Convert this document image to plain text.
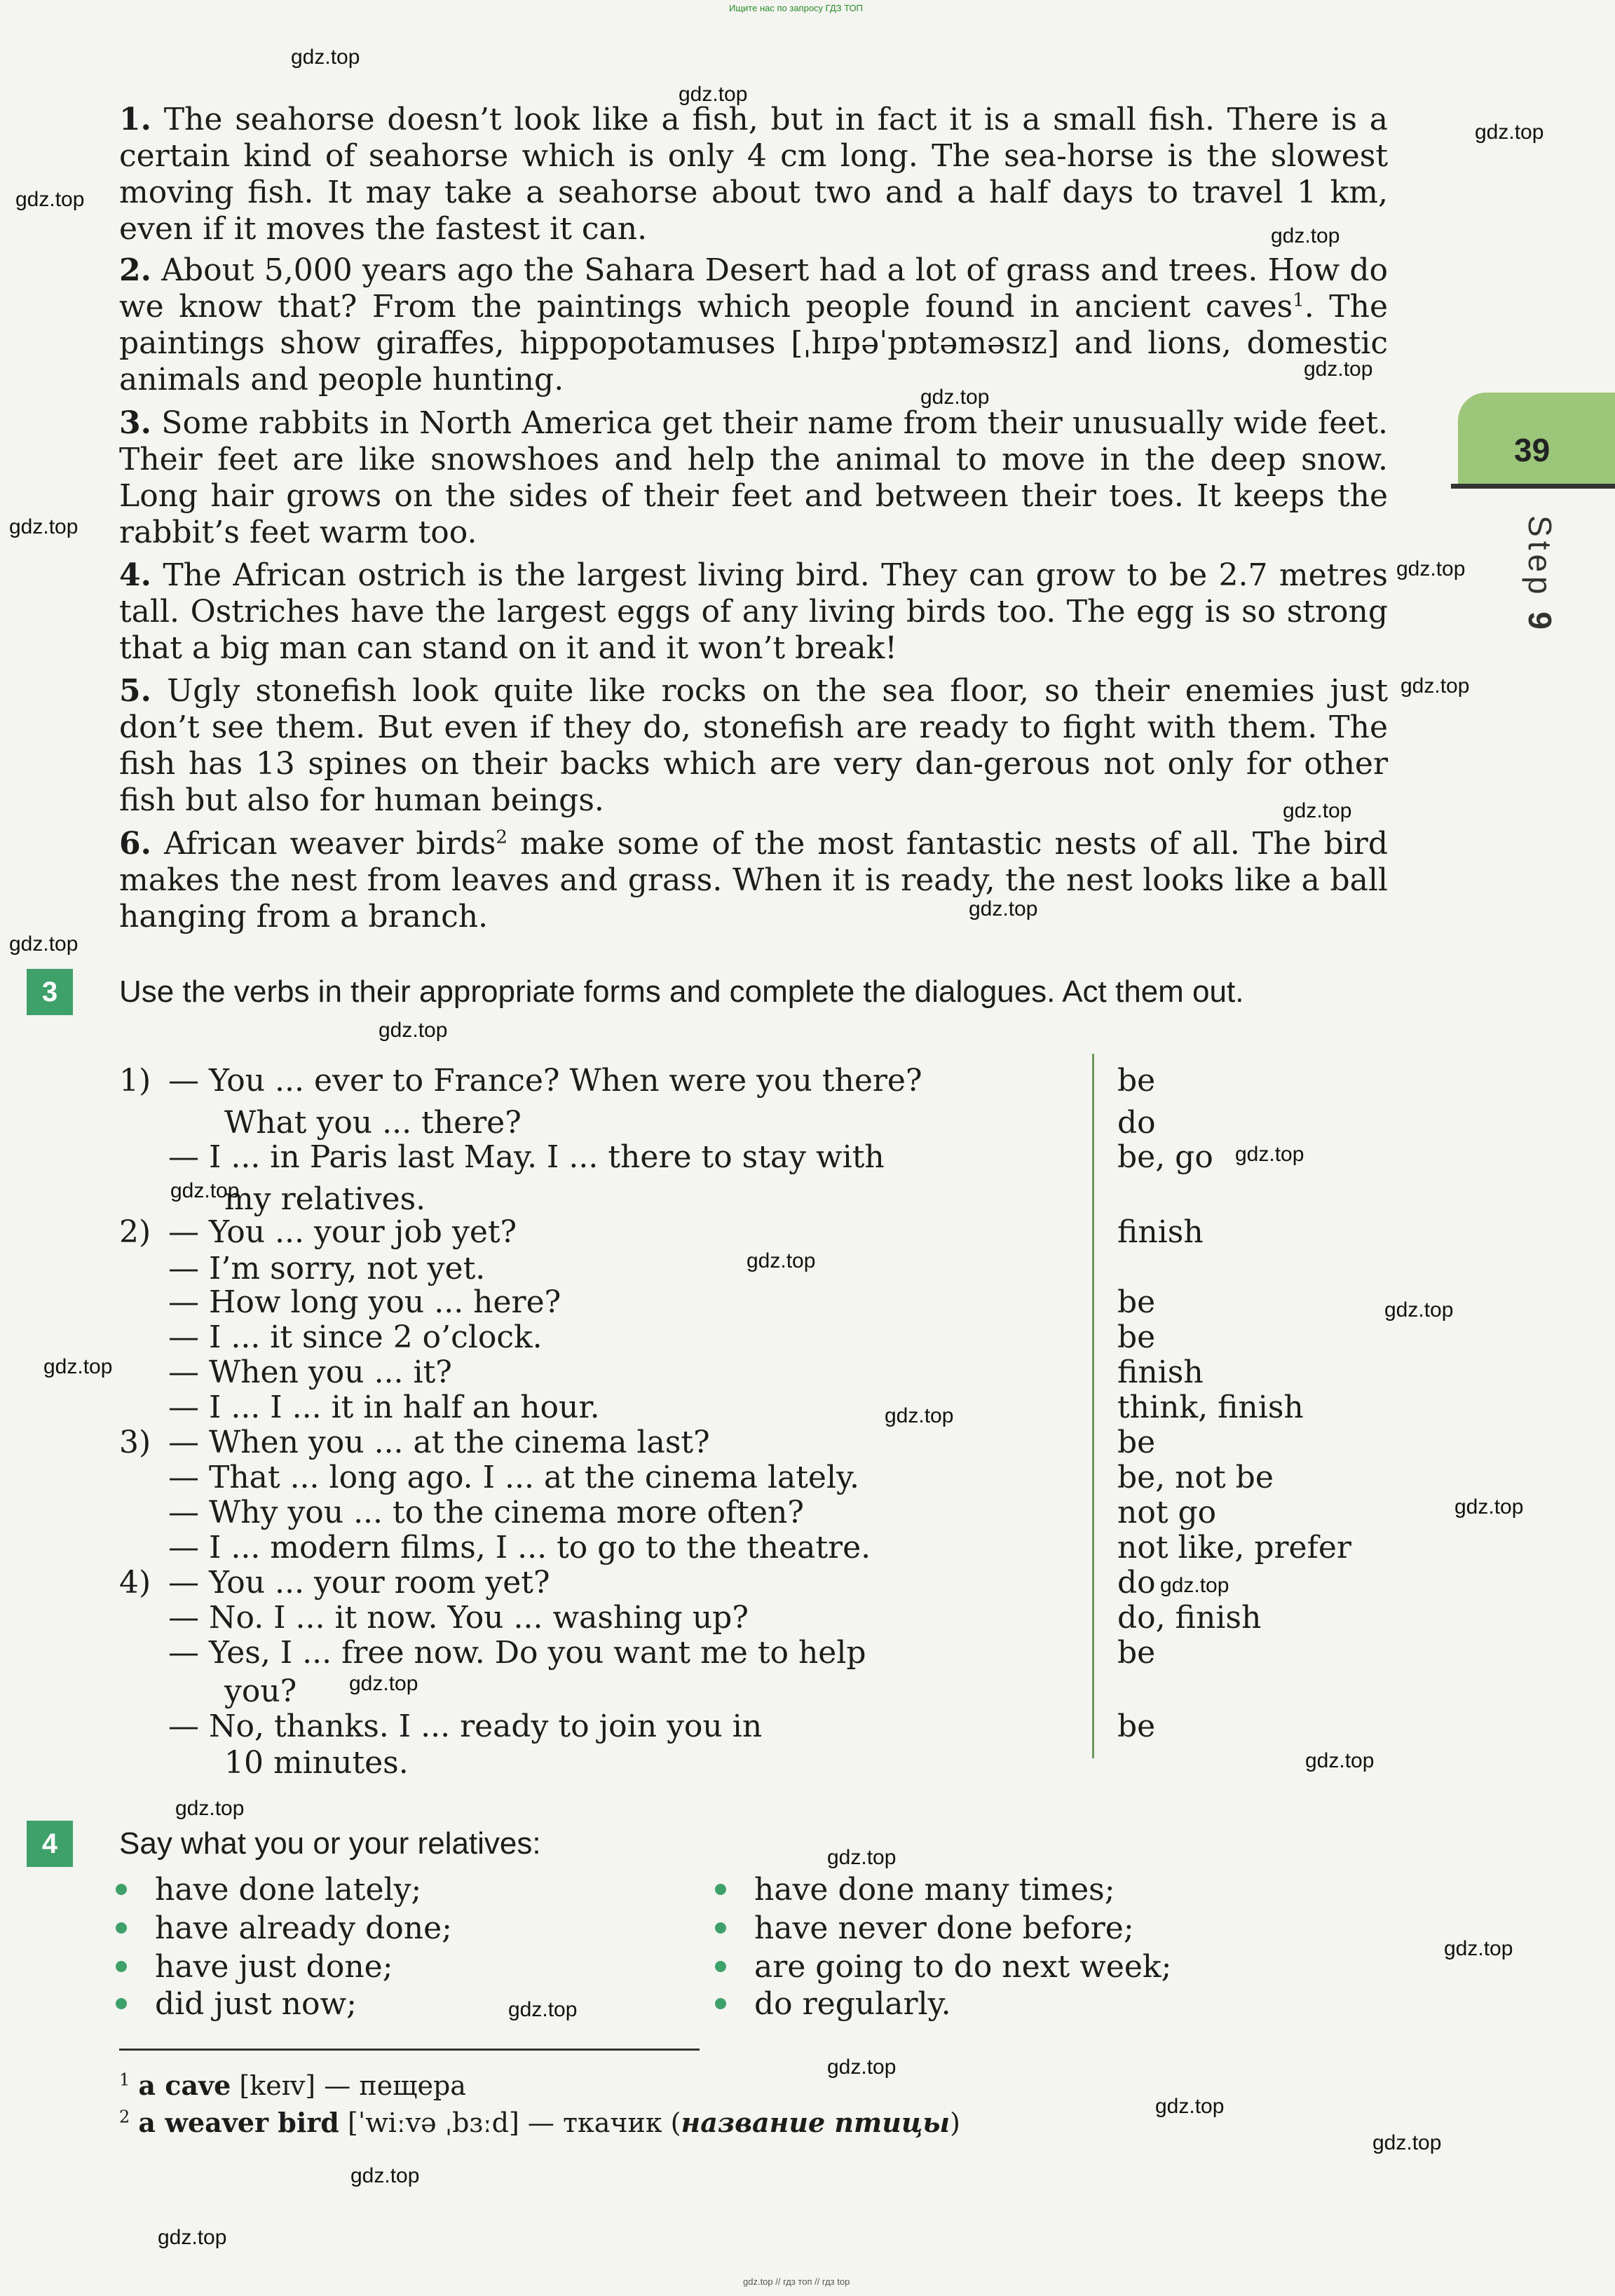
Ищите нас по запросу ГДЗ ТОП
gdz.top // гдз топ // гдз top
39
Step 9
1. The seahorse doesn’t look like a fish, but in fact it is a small fish. There is a certain kind of seahorse which is only 4 cm long. The sea-horse is the slowest moving fish. It may take a seahorse about two and a half days to travel 1 km, even if it moves the fastest it can.
2. About 5,000 years ago the Sahara Desert had a lot of grass and trees. How do we know that? From the paintings which people found in ancient caves$^1$. The paintings show giraffes, hippopotamuses [ˌhɪpəˈpɒtəməsɪz] and lions, domestic animals and people hunting.
3. Some rabbits in North America get their name from their unusually wide feet. Their feet are like snowshoes and help the animal to move in the deep snow. Long hair grows on the sides of their feet and between their toes. It keeps the rabbit’s feet warm too.
4. The African ostrich is the largest living bird. They can grow to be 2.7 metres tall. Ostriches have the largest eggs of any living birds too. The egg is so strong that a big man can stand on it and it won’t break!
5. Ugly stonefish look quite like rocks on the sea floor, so their enemies just don’t see them. But even if they do, stonefish are ready to fight with them. The fish has 13 spines on their backs which are very dan-gerous not only for other fish but also for human beings.
6. African weaver birds$^2$ make some of the most fantastic nests of all. The bird makes the nest from leaves and grass. When it is ready, the nest looks like a ball hanging from a branch.
3	Use the verbs in their appropriate forms and complete the dialogues. Act them out.
1) — You ... ever to France? When were you there?	be
What you ... there?	do
— I ... in Paris last May. I ... there to stay with	be, go
my relatives.
2) — You ... your job yet?	finish
— I’m sorry, not yet.
— How long you ... here?	be
— I ... it since 2 o’clock.	be
— When you ... it?	finish
— I ... I ... it in half an hour.	think, finish
3) — When you ... at the cinema last?	be
— That ... long ago. I ... at the cinema lately.	be, not be
— Why you ... to the cinema more often?	not go
— I ... modern films, I ... to go to the theatre.	not like, prefer
4) — You ... your room yet?	do
— No. I ... it now. You ... washing up?	do, finish
— Yes, I ... free now. Do you want me to help	be
you?
— No, thanks. I ... ready to join you in	be
10 minutes.
4	Say what you or your relatives:
have done lately;
have already done;
have just done;
did just now;
have done many times;
have never done before;
are going to do next week;
do regularly.
$^1$ a cave [keɪv] — пещера
$^2$ a weaver bird [ˈwiːvə ˌbɜːd] — ткачик (название птицы)
gdz.top
gdz.top
gdz.top
gdz.top
gdz.top
gdz.top
gdz.top
gdz.top
gdz.top
gdz.top
gdz.top
gdz.top
gdz.top
gdz.top
gdz.top
gdz.top
gdz.top
gdz.top
gdz.top
gdz.top
gdz.top
gdz.top
gdz.top
gdz.top
gdz.top
gdz.top
gdz.top
gdz.top
gdz.top
gdz.top
gdz.top
gdz.top
gdz.top
